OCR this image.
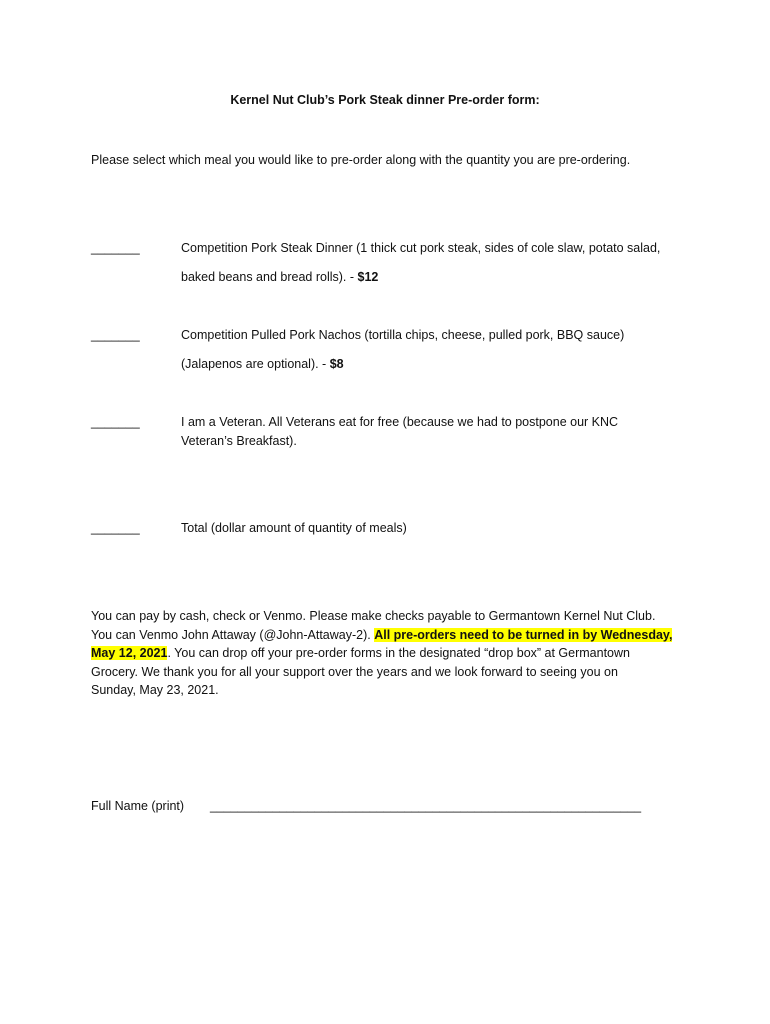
Kernel Nut Club’s Pork Steak dinner Pre-order form:
Please select which meal you would like to pre-order along with the quantity you are pre-ordering.
_______	Competition Pork Steak Dinner (1 thick cut pork steak, sides of cole slaw, potato salad,
baked beans and bread rolls). - $12
_______	Competition Pulled Pork Nachos (tortilla chips, cheese, pulled pork, BBQ sauce)
(Jalapenos are optional). - $8
_______	I am a Veteran. All Veterans eat for free (because we had to postpone our KNC
Veteran’s Breakfast).
_______	Total (dollar amount of quantity of meals)

You can pay by cash, check or Venmo. Please make checks payable to Germantown Kernel Nut Club.

You can Venmo John Attaway (@John-Attaway-2). All pre-orders need to be turned in by Wednesday,

May 12, 2021. You can drop off your pre-order forms in the designated “drop box” at Germantown

Grocery. We thank you for all your support over the years and we look forward to seeing you on

Sunday, May 23, 2021.

Full Name (print) ______________________________________________________________
